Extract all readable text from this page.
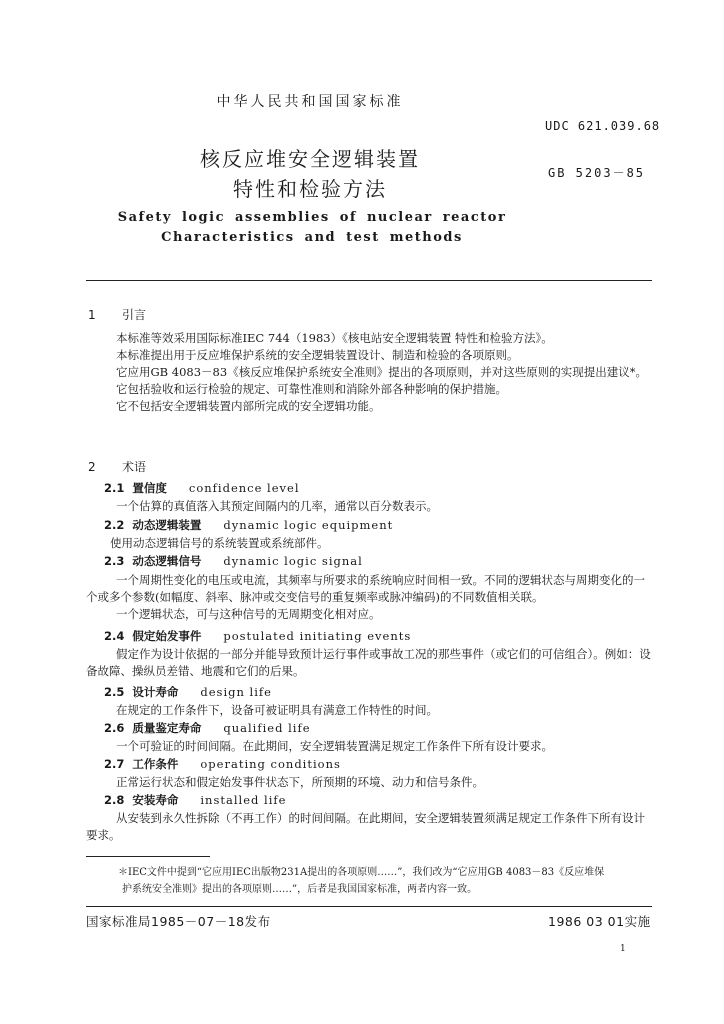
中华人民共和国国家标准
UDC 621.039.68
GB 5203－85
核反应堆安全逻辑装置
特性和检验方法
Safety logic assemblies of nuclear reactor
Characteristics and test methods
1 引言

本标准等效采用国际标准IEC 744（1983）《核电站安全逻辑装置 特性和检验方法》。

本标准提出用于反应堆保护系统的安全逻辑装置设计、制造和检验的各项原则。

它应用GB 4083－83《核反应堆保护系统安全准则》提出的各项原则，并对这些原则的实现提出建议*。

它包括验收和运行检验的规定、可靠性准则和消除外部各种影响的保护措施。

它不包括安全逻辑装置内部所完成的安全逻辑功能。

2 术语
2.1 置信度 confidence level

一个估算的真值落入其预定间隔内的几率，通常以百分数表示。

2.2 动态逻辑装置 dynamic logic equipment

使用动态逻辑信号的系统装置或系统部件。

2.3 动态逻辑信号 dynamic logic signal

一个周期性变化的电压或电流，其频率与所要求的系统响应时间相一致。不同的逻辑状态与周期变化的一个或多个参数(如幅度、斜率、脉冲或交变信号的重复频率或脉冲编码)的不同数值相关联。

一个逻辑状态，可与这种信号的无周期变化相对应。

2.4 假定始发事件 postulated initiating events

假定作为设计依据的一部分并能导致预计运行事件或事故工况的那些事件（或它们的可信组合）。例如：设备故障、操纵员差错、地震和它们的后果。

2.5 设计寿命 design life

在规定的工作条件下，设备可被证明具有满意工作特性的时间。

2.6 质量鉴定寿命 qualified life

一个可验证的时间间隔。在此期间，安全逻辑装置满足规定工作条件下所有设计要求。

2.7 工作条件 operating conditions

正常运行状态和假定始发事件状态下，所预期的环境、动力和信号条件。

2.8 安装寿命 installed life

从安装到永久性拆除（不再工作）的时间间隔。在此期间，安全逻辑装置须满足规定工作条件下所有设计要求。

＊IEC文件中提到“它应用IEC出版物231A提出的各项原则……”，我们改为“它应用GB 4083－83《反应堆保

护系统安全准则》提出的各项原则……”，后者是我国国家标准，两者内容一致。

国家标准局1985－07－18发布	1986 03 01实施
1
